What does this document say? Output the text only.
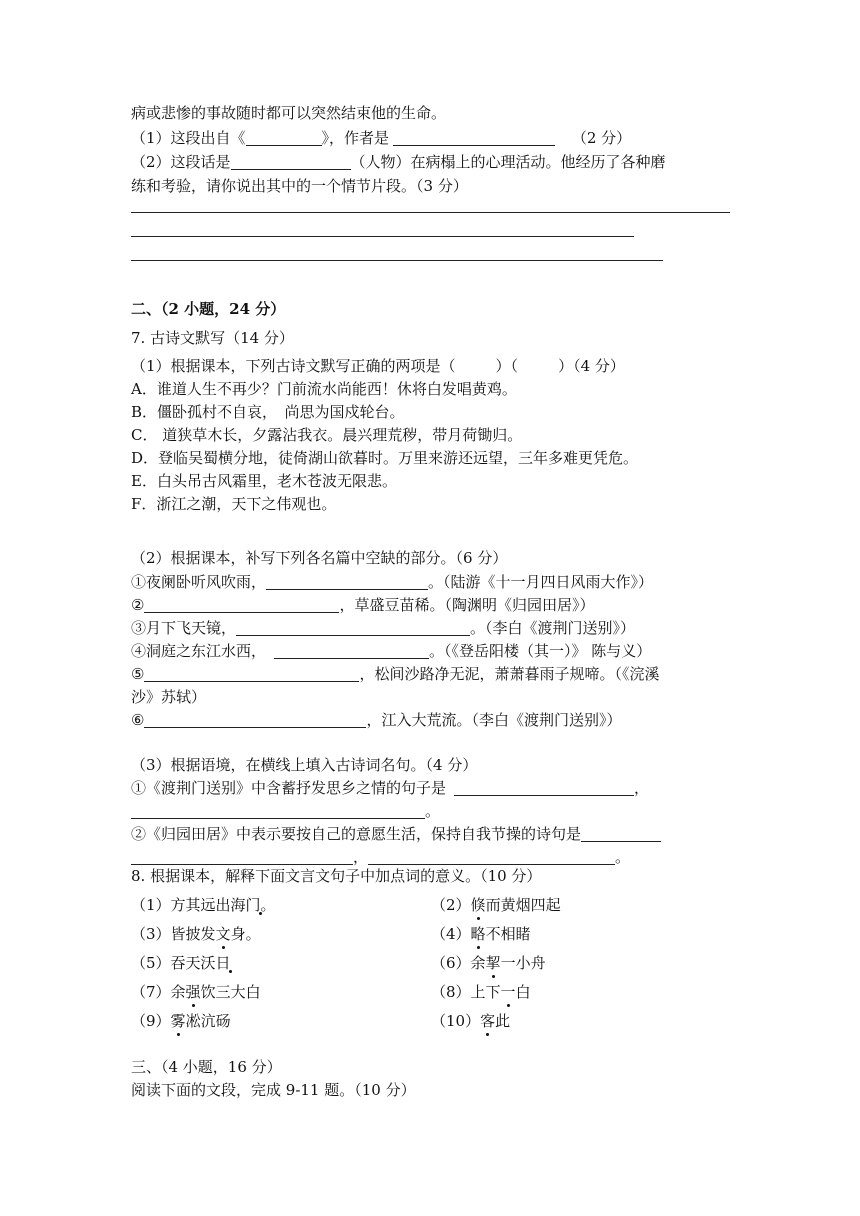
病或悲惨的事故随时都可以突然结束他的生命。
（1）这段出自《	》，作者是	（2 分）
（2）这段话是	（人物）在病榻上的心理活动。他经历了各种磨
练和考验，请你说出其中的一个情节片段。（3 分）
二、（2 小题，24 分）
7. 古诗文默写（14 分）
（1）根据课本，下列古诗文默写正确的两项是（	）（	）（4 分）
A．谁道人生不再少？门前流水尚能西！休将白发唱黄鸡。
B．僵卧孤村不自哀，　尚思为国戍轮台。
C． 道狭草木长，夕露沾我衣。晨兴理荒秽，带月荷锄归。
D．登临吴蜀横分地，徒倚湖山欲暮时。万里来游还远望，三年多难更凭危。
E．白头吊古风霜里，老木苍波无限悲。
F．浙江之潮，天下之伟观也。
（2）根据课本，补写下列各名篇中空缺的部分。（6 分）
①夜阑卧听风吹雨，	。（陆游《十一月四日风雨大作》）
②	，草盛豆苗稀。（陶渊明《归园田居》）
③月下飞天镜，	。（李白《渡荆门送别》）
④洞庭之东江水西，	。（《登岳阳楼（其一）》 陈与义）
⑤	，松间沙路净无泥，萧萧暮雨子规啼。（《浣溪
沙》苏轼）
⑥	，江入大荒流。（李白《渡荆门送别》）
（3）根据语境，在横线上填入古诗词名句。（4 分）
①《渡荆门送别》中含蓄抒发思乡之情的句子是	，
。
②《归园田居》中表示要按自己的意愿生活，保持自我节操的诗句是
，	。
8. 根据课本，解释下面文言文句子中加点词的意义。（10 分）
（1）方其远出海门。	（2）倏而黄烟四起
（3）皆披发文身。	（4）略不相睹
（5）吞天沃日	（6）余挈一小舟
（7）余强饮三大白	（8）上下一白
（9）雾凇沆砀	（10）客此
三、（4 小题，16 分）
阅读下面的文段，完成 9-11 题。（10 分）
